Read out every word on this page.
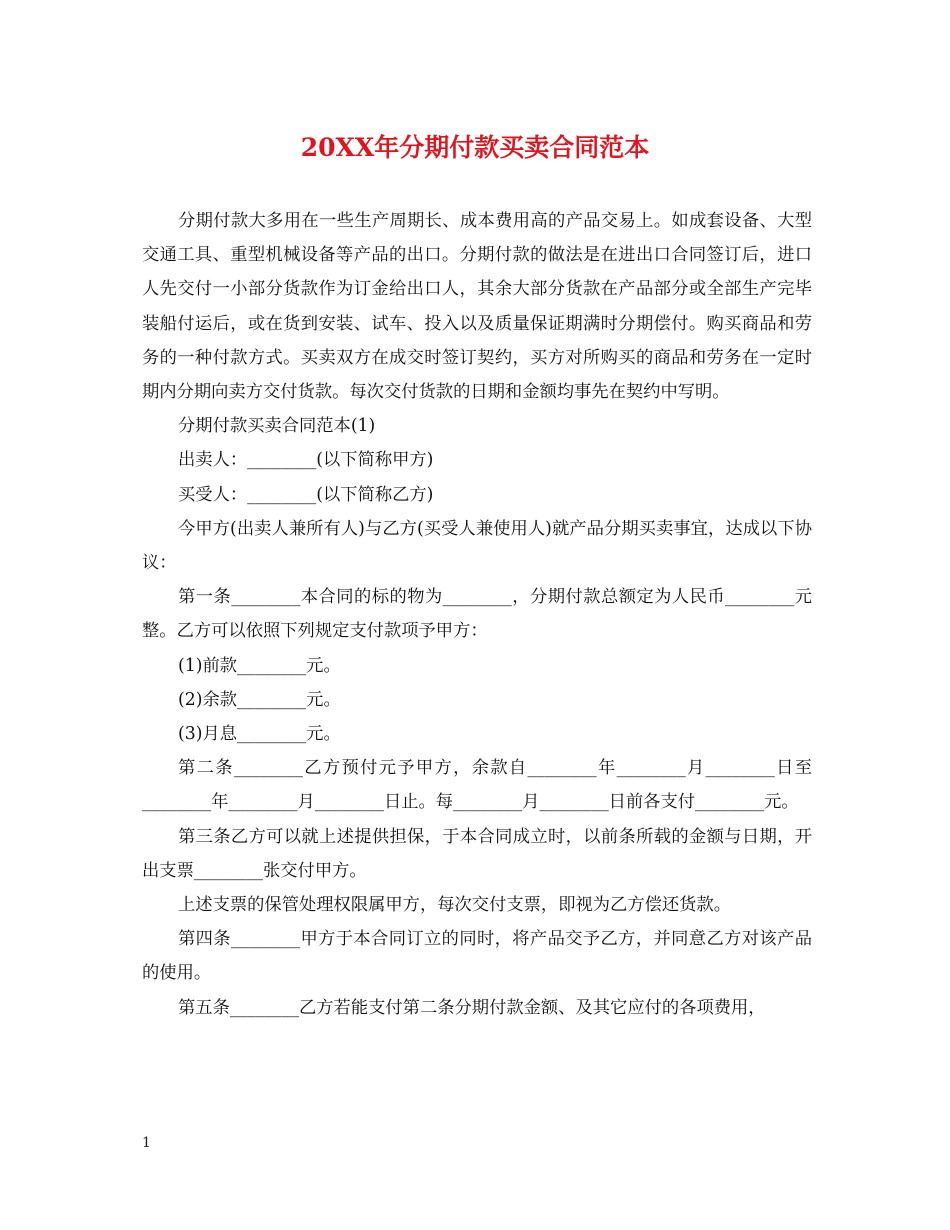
20XX年分期付款买卖合同范本

分期付款大多用在一些生产周期长、成本费用高的产品交易上。如成套设备、大型交通工具、重型机械设备等产品的出口。分期付款的做法是在进出口合同签订后，进口人先交付一小部分货款作为订金给出口人，其余大部分货款在产品部分或全部生产完毕装船付运后，或在货到安装、试车、投入以及质量保证期满时分期偿付。购买商品和劳务的一种付款方式。买卖双方在成交时签订契约，买方对所购买的商品和劳务在一定时期内分期向卖方交付货款。每次交付货款的日期和金额均事先在契约中写明。

分期付款买卖合同范本(1)

出卖人：________(以下简称甲方)

买受人：________(以下简称乙方)

今甲方(出卖人兼所有人)与乙方(买受人兼使用人)就产品分期买卖事宜，达成以下协议：

第一条________本合同的标的物为________，分期付款总额定为人民币________元整。乙方可以依照下列规定支付款项予甲方：

(1)前款________元。

(2)余款________元。

(3)月息________元。

第二条________乙方预付元予甲方，余款自________年________月________日至________年________月________日止。每________月________日前各支付________元。

第三条乙方可以就上述提供担保，于本合同成立时，以前条所载的金额与日期，开出支票________张交付甲方。

上述支票的保管处理权限属甲方，每次交付支票，即视为乙方偿还货款。

第四条________甲方于本合同订立的同时，将产品交予乙方，并同意乙方对该产品的使用。

第五条________乙方若能支付第二条分期付款金额、及其它应付的各项费用，

1
